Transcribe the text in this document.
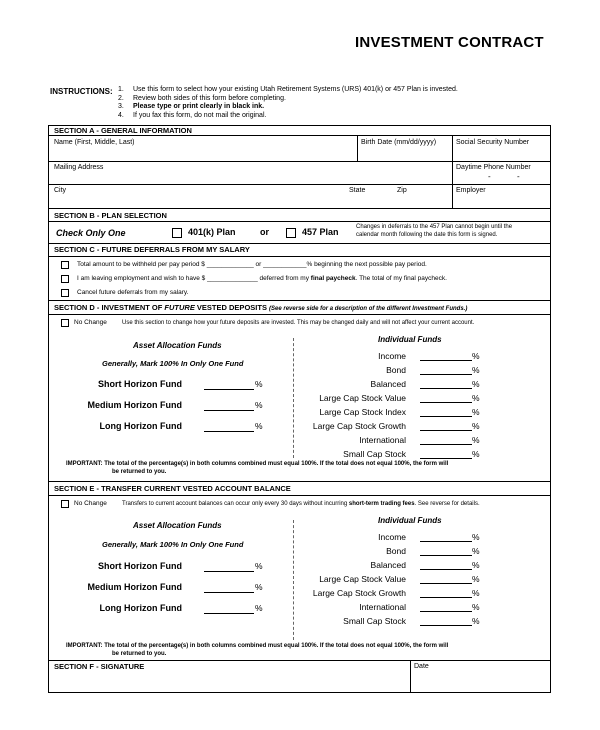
INVESTMENT CONTRACT
INSTRUCTIONS: 1. Use this form to select how your existing Utah Retirement Systems (URS) 401(k) or 457 Plan is invested.
2. Review both sides of this form before completing.
3. Please type or print clearly in black ink.
4. If you fax this form, do not mail the original.
SECTION A - GENERAL INFORMATION
Name (First, Middle, Last)	Birth Date (mm/dd/yyyy)	Social Security Number
Mailing Address	Daytime Phone Number
-	-
City	State	Zip	Employer
SECTION B - PLAN SELECTION
Check Only One	401(k) Plan	or	457 Plan	Changes in deferrals to the 457 Plan cannot begin until the
calendar month following the date this form is signed.
SECTION C - FUTURE DEFERRALS FROM MY SALARY
Total amount to be withheld per pay period $ _____________ or ____________% beginning the next possible pay period.
I am leaving employment and wish to have $ ______________ deferred from my final paycheck. The total of my final paycheck.
Cancel future deferrals from my salary.
SECTION D - INVESTMENT OF FUTURE VESTED DEPOSITS (See reverse side for a description of the different Investment Funds.)
No Change	Use this section to change how your future deposits are invested. This may be changed daily and will not affect your current account.
Asset Allocation Funds
Generally, Mark 100% In Only One Fund
Short Horizon Fund	%
Medium Horizon Fund	%
Long Horizon Fund	%
Individual Funds
Income	%
Bond	%
Balanced	%
Large Cap Stock Value	%
Large Cap Stock Index	%
Large Cap Stock Growth	%
International	%
Small Cap Stock	%
IMPORTANT: The total of the percentage(s) in both columns combined must equal 100%. If the total does not equal 100%, the form will
be returned to you.
SECTION E - TRANSFER CURRENT VESTED ACCOUNT BALANCE
No Change	Transfers to current account balances can occur only every 30 days without incurring short-term trading fees. See reverse for details.
Asset Allocation Funds
Generally, Mark 100% In Only One Fund
Short Horizon Fund	%
Medium Horizon Fund	%
Long Horizon Fund	%
Individual Funds
Income	%
Bond	%
Balanced	%
Large Cap Stock Value	%
Large Cap Stock Growth	%
International	%
Small Cap Stock	%
IMPORTANT: The total of the percentage(s) in both columns combined must equal 100%. If the total does not equal 100%, the form will
be returned to you.
SECTION F - SIGNATURE	Date
